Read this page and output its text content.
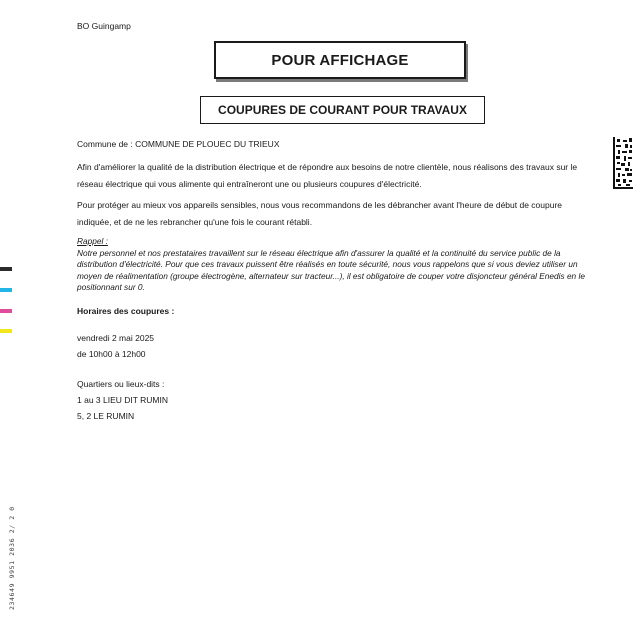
BO Guingamp
POUR AFFICHAGE
COUPURES DE COURANT POUR TRAVAUX
Commune de : COMMUNE DE PLOUEC DU TRIEUX
Afin d'améliorer la qualité de la distribution électrique et de répondre aux besoins de notre clientèle, nous réalisons des travaux sur le réseau électrique qui vous alimente qui entraîneront une ou plusieurs coupures d'électricité.
Pour protéger au mieux vos appareils sensibles, nous vous recommandons de les débrancher avant l'heure de début de coupure indiquée, et de ne les rebrancher qu'une fois le courant rétabli.
Rappel :
Notre personnel et nos prestataires travaillent sur le réseau électrique afin d'assurer la qualité et la continuité du service public de la distribution d'électricité. Pour que ces travaux puissent être réalisés en toute sécurité, nous vous rappelons que si vous deviez utiliser un moyen de réalimentation (groupe électrogène, alternateur sur tracteur...), il est obligatoire de couper votre disjoncteur général Enedis en le positionnant sur 0.
Horaires des coupures :
vendredi 2 mai 2025
de 10h00 à 12h00
Quartiers ou lieux-dits :
1 au 3 LIEU DIT RUMIN
5, 2 LE RUMIN
234649 9951 2036 2/ 2 0
